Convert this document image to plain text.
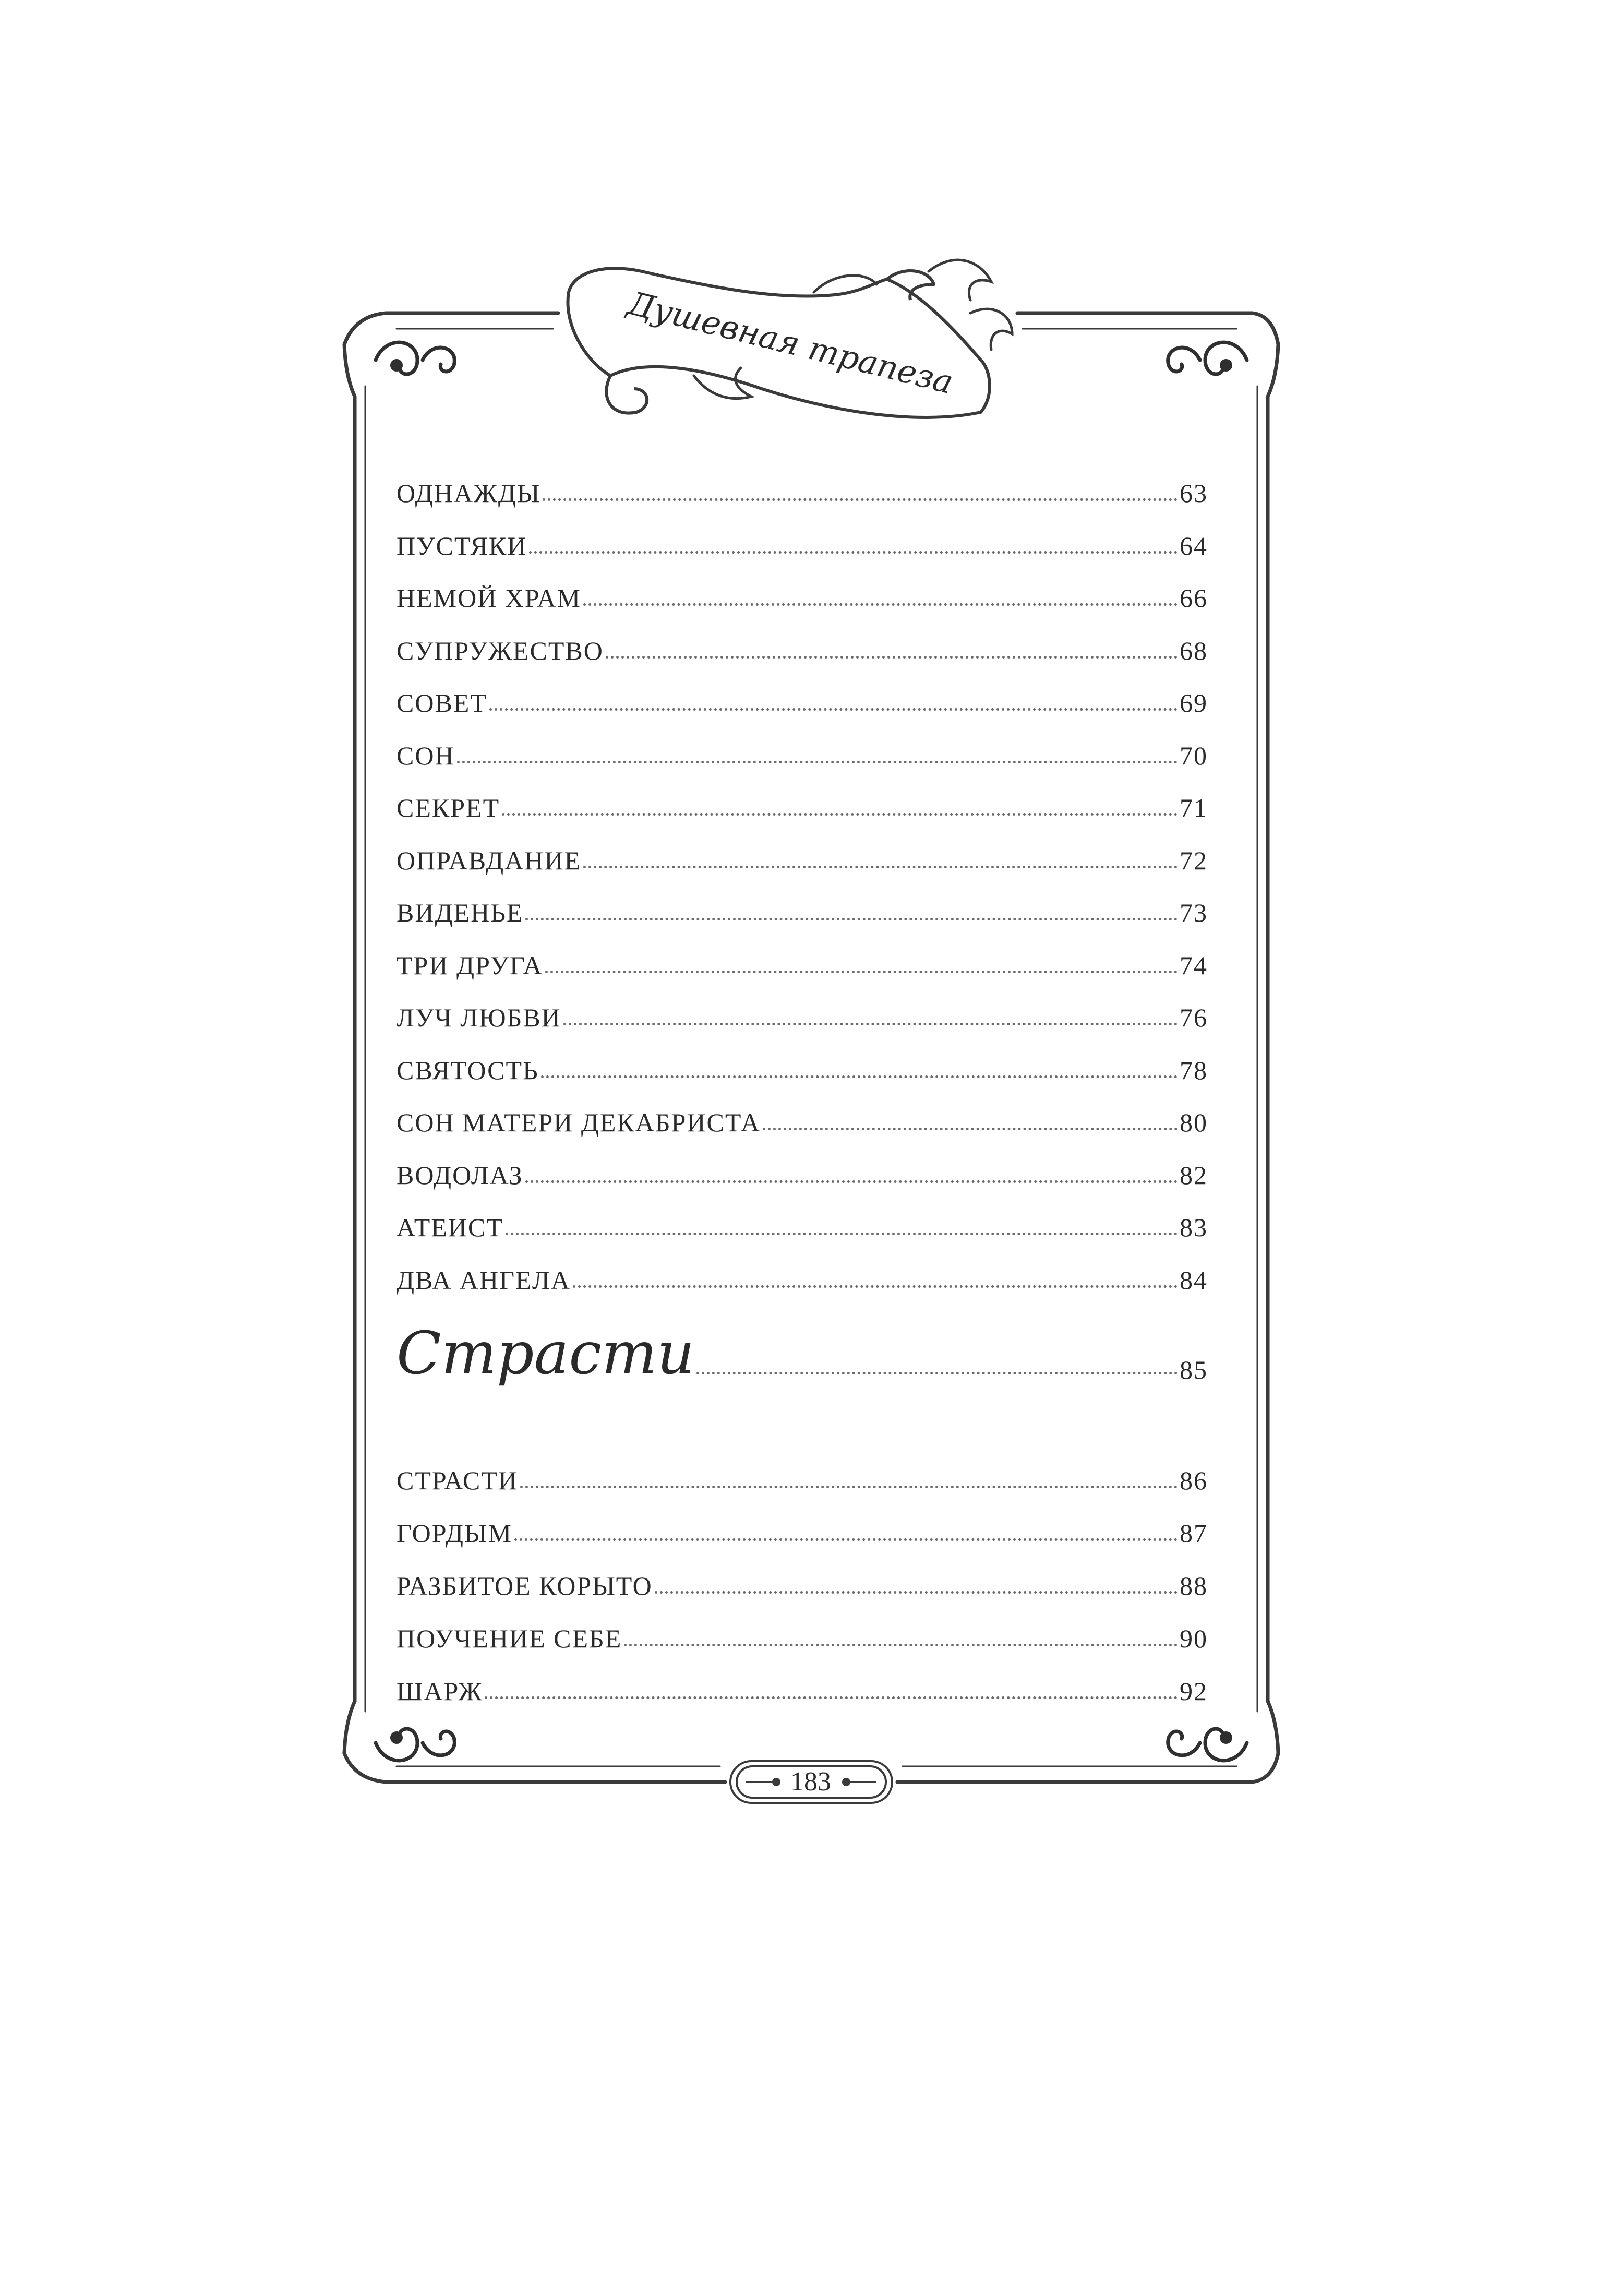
Душевная трапеза
ОДНАЖДЫ	63
ПУСТЯКИ	64
НЕМОЙ ХРАМ	66
СУПРУЖЕСТВО	68
СОВЕТ	69
СОН	70
СЕКРЕТ	71
ОПРАВДАНИЕ	72
ВИДЕНЬЕ	73
ТРИ ДРУГА	74
ЛУЧ ЛЮБВИ	76
СВЯТОСТЬ	78
СОН МАТЕРИ ДЕКАБРИСТА	80
ВОДОЛАЗ	82
АТЕИСТ	83
ДВА АНГЕЛА	84
Страсти	85
СТРАСТИ	86
ГОРДЫМ	87
РАЗБИТОЕ КОРЫТО	88
ПОУЧЕНИЕ СЕБЕ	90
ШАРЖ	92
183
